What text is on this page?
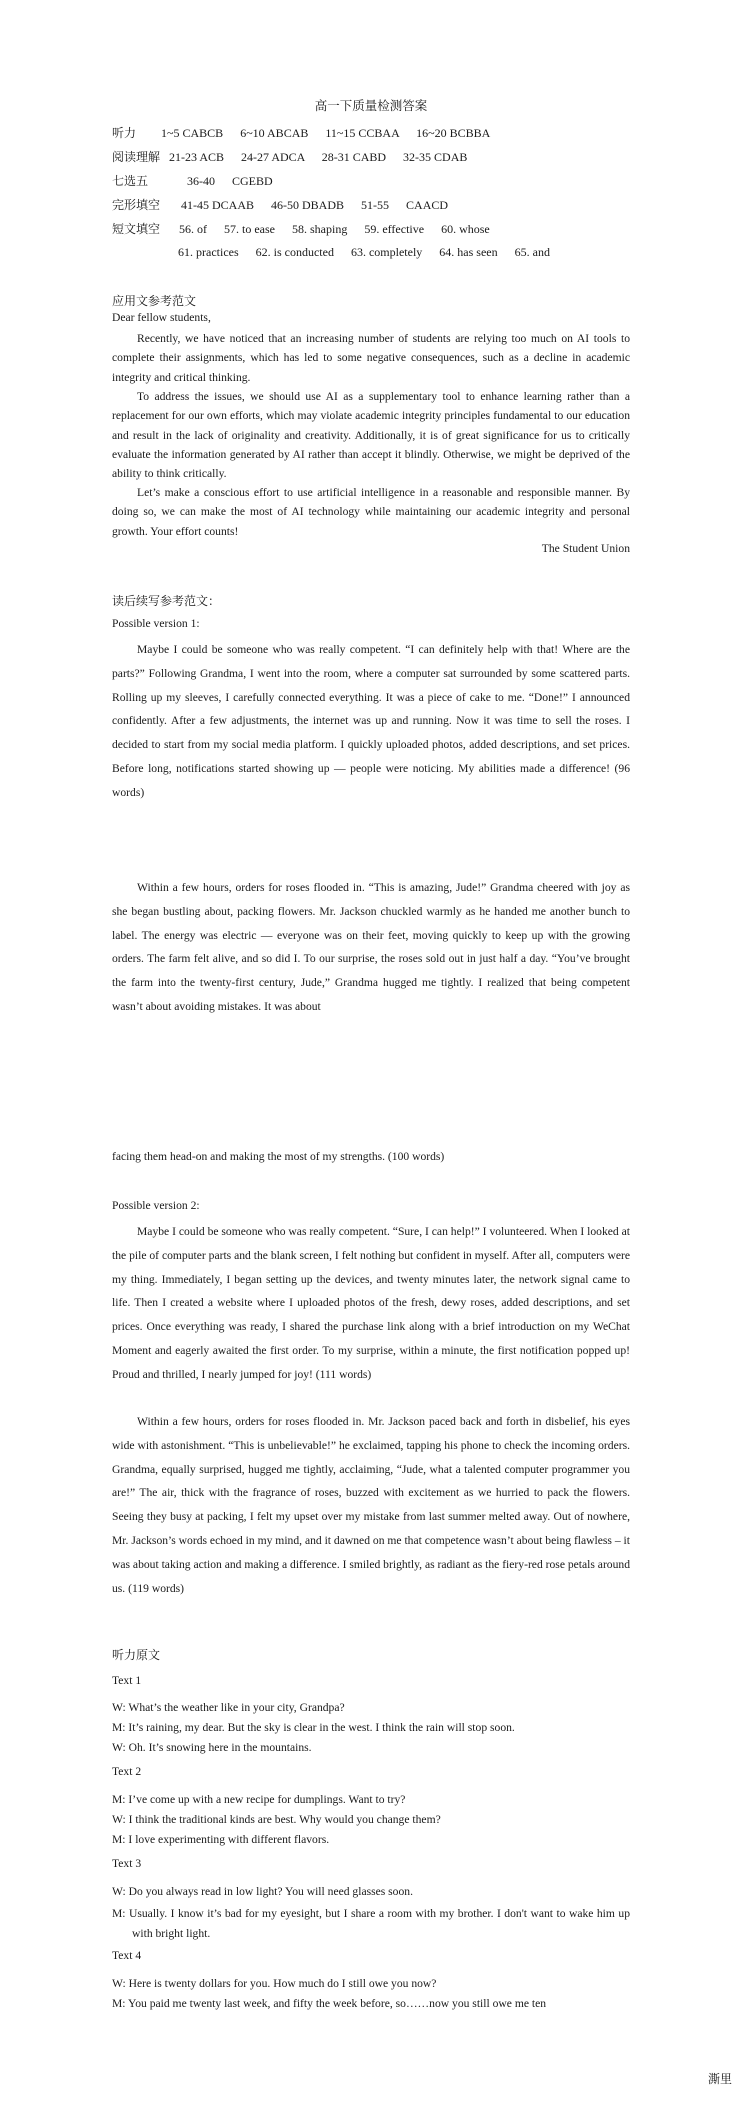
高一下质量检测答案
听力 1~5 CABCB 6~10 ABCAB 11~15 CCBAA 16~20 BCBBA
阅读理解 21-23 ACB 24-27 ADCA 28-31 CABD 32-35 CDAB
七选五	36-40 CGEBD
完形填空 41-45 DCAAB 46-50 DBADB 51-55 CAACD
短文填空 56. of 57. to ease 58. shaping 59. effective 60. whose
61. practices 62. is conducted 63. completely 64. has seen 65. and
应用文参考范文
Dear fellow students,
Recently, we have noticed that an increasing number of students are relying too much on AI tools to complete their assignments, which has led to some negative consequences, such as a decline in academic integrity and critical thinking.
To address the issues, we should use AI as a supplementary tool to enhance learning rather than a replacement for our own efforts, which may violate academic integrity principles fundamental to our education and result in the lack of originality and creativity. Additionally, it is of great significance for us to critically evaluate the information generated by AI rather than accept it blindly. Otherwise, we might be deprived of the ability to think critically.
Let’s make a conscious effort to use artificial intelligence in a reasonable and responsible manner. By doing so, we can make the most of AI technology while maintaining our academic integrity and personal growth. Your effort counts!
The Student Union
读后续写参考范文：
Possible version 1:
Maybe I could be someone who was really competent. “I can definitely help with that! Where are the parts?” Following Grandma, I went into the room, where a computer sat surrounded by some scattered parts. Rolling up my sleeves, I carefully connected everything. It was a piece of cake to me. “Done!” I announced confidently. After a few adjustments, the internet was up and running. Now it was time to sell the roses. I decided to start from my social media platform. I quickly uploaded photos, added descriptions, and set prices. Before long, notifications started showing up — people were noticing. My abilities made a difference! (96 words)
Within a few hours, orders for roses flooded in. “This is amazing, Jude!” Grandma cheered with joy as she began bustling about, packing flowers. Mr. Jackson chuckled warmly as he handed me another bunch to label. The energy was electric — everyone was on their feet, moving quickly to keep up with the growing orders. The farm felt alive, and so did I. To our surprise, the roses sold out in just half a day. “You’ve brought the farm into the twenty-first century, Jude,” Grandma hugged me tightly. I realized that being competent wasn’t about avoiding mistakes. It was about
facing them head-on and making the most of my strengths. (100 words)
Possible version 2:
Maybe I could be someone who was really competent. “Sure, I can help!” I volunteered. When I looked at the pile of computer parts and the blank screen, I felt nothing but confident in myself. After all, computers were my thing. Immediately, I began setting up the devices, and twenty minutes later, the network signal came to life. Then I created a website where I uploaded photos of the fresh, dewy roses, added descriptions, and set prices. Once everything was ready, I shared the purchase link along with a brief introduction on my WeChat Moment and eagerly awaited the first order. To my surprise, within a minute, the first notification popped up! Proud and thrilled, I nearly jumped for joy! (111 words)
Within a few hours, orders for roses flooded in. Mr. Jackson paced back and forth in disbelief, his eyes wide with astonishment. “This is unbelievable!” he exclaimed, tapping his phone to check the incoming orders. Grandma, equally surprised, hugged me tightly, acclaiming, “Jude, what a talented computer programmer you are!” The air, thick with the fragrance of roses, buzzed with excitement as we hurried to pack the flowers. Seeing they busy at packing, I felt my upset over my mistake from last summer melted away. Out of nowhere, Mr. Jackson’s words echoed in my mind, and it dawned on me that competence wasn’t about being flawless – it was about taking action and making a difference. I smiled brightly, as radiant as the fiery-red rose petals around us. (119 words)
听力原文
Text 1
W: What’s the weather like in your city, Grandpa?
M: It’s raining, my dear. But the sky is clear in the west. I think the rain will stop soon.
W: Oh. It’s snowing here in the mountains.
Text 2
M: I’ve come up with a new recipe for dumplings. Want to try?
W: I think the traditional kinds are best. Why would you change them?
M: I love experimenting with different flavors.
Text 3
W: Do you always read in low light? You will need glasses soon.
M: Usually. I know it’s bad for my eyesight, but I share a room with my brother. I don't want to wake him up with bright light.
Text 4
W: Here is twenty dollars for you. How much do I still owe you now?
M: You paid me twenty last week, and fifty the week before, so……now you still owe me ten
澌里
